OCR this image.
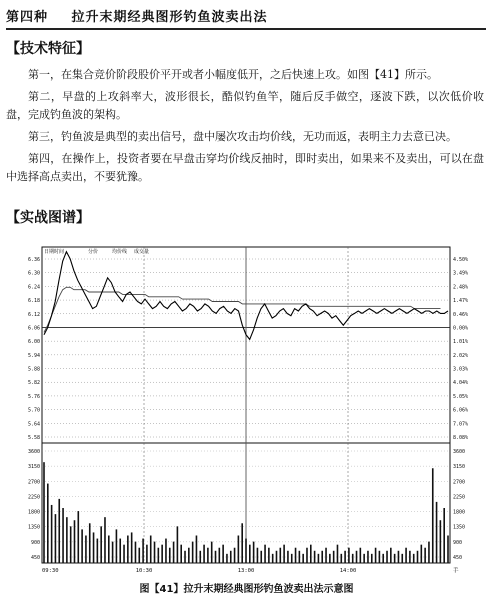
第四种 拉升末期经典图形钓鱼波卖出法
【技术特征】

第一，在集合竞价阶段股价平开或者小幅度低开，之后快速上攻。如图【41】所示。

第二，早盘的上攻斜率大，波形很长，酷似钓鱼竿，随后反手做空，逐波下跌，以次低价收盘，完成钓鱼波的架构。

第三，钓鱼波是典型的卖出信号，盘中屡次攻击均价线，无功而返，表明主力去意已决。

第四，在操作上，投资者要在早盘击穿均价线反抽时，即时卖出，如果来不及卖出，可以在盘中选择高点卖出，不要犹豫。

【实战图谱】
日期时间	分价	均价线 成交量
6.36
6.30
6.24
6.18
6.12
6.06
6.00
5.94
5.88
5.82
5.76
5.70
5.64
5.58
4.50%
3.49%
2.48%
1.47%
0.46%
0.00%
1.01%
2.02%
3.03%
4.04%
5.05%
6.06%
7.07%
8.08%
3600	3600
3150	3150
2700	2700
2250	2250
1800	1800
1350	1350
900	900
450	450
09:30	10:30	13:00	14:00	手
图【41】拉升末期经典图形钓鱼波卖出法示意图
